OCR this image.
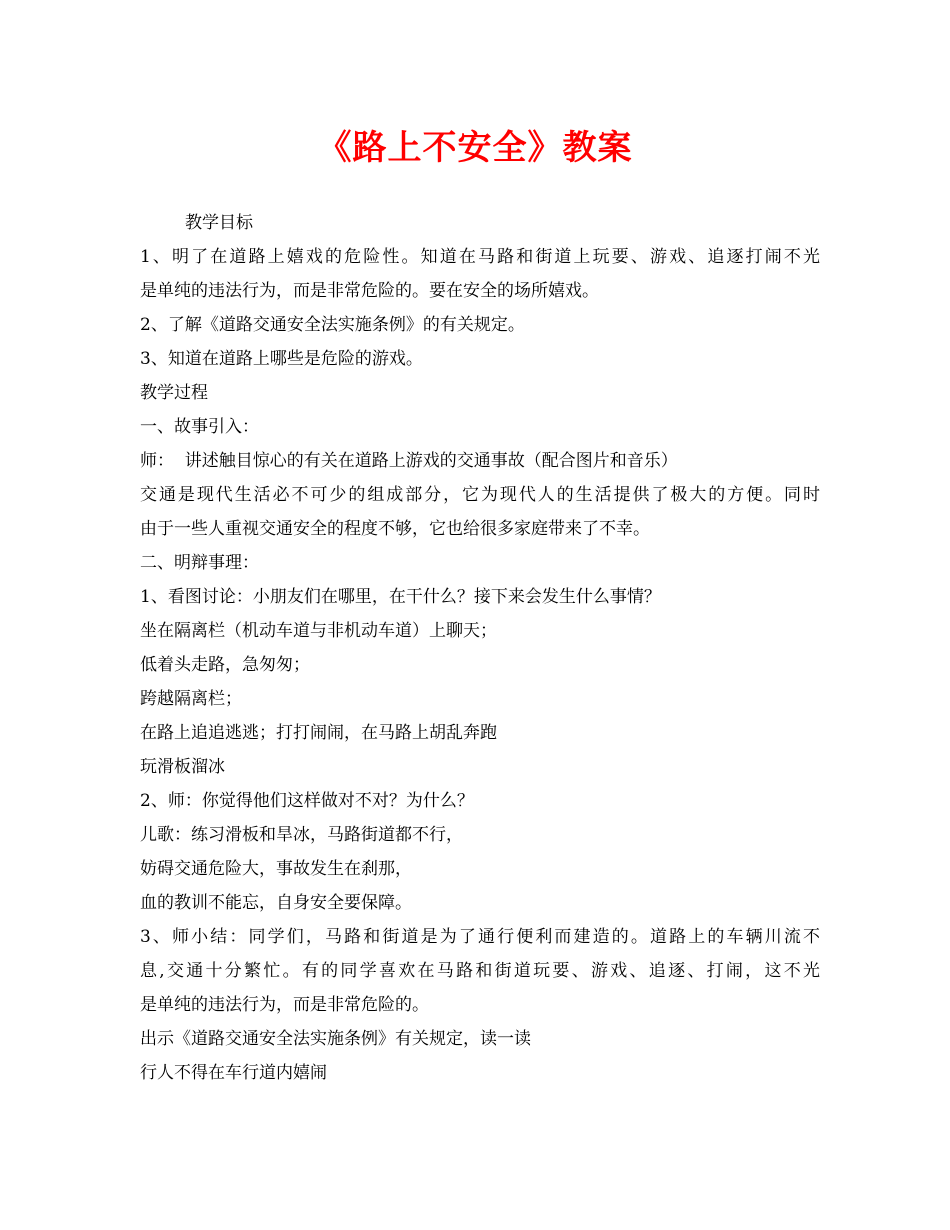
《路上不安全》教案
教学目标
1、明了在道路上嬉戏的危险性。知道在马路和街道上玩要、游戏、追逐打闹不光
是单纯的违法行为，而是非常危险的。要在安全的场所嬉戏。
2、了解《道路交通安全法实施条例》的有关规定。
3、知道在道路上哪些是危险的游戏。
教学过程
一、故事引入：
师：  讲述触目惊心的有关在道路上游戏的交通事故（配合图片和音乐）
交通是现代生活必不可少的组成部分，它为现代人的生活提供了极大的方便。同时
由于一些人重视交通安全的程度不够，它也给很多家庭带来了不幸。
二、明辩事理：
1、看图讨论：小朋友们在哪里，在干什么？接下来会发生什么事情？
坐在隔离栏（机动车道与非机动车道）上聊天；
低着头走路，急匆匆；
跨越隔离栏；
在路上追追逃逃；打打闹闹，在马路上胡乱奔跑
玩滑板溜冰
2、师：你觉得他们这样做对不对？为什么？
儿歌：练习滑板和旱冰，马路街道都不行，
妨碍交通危险大，事故发生在刹那，
血的教训不能忘，自身安全要保障。
3、师小结：同学们，马路和街道是为了通行便利而建造的。道路上的车辆川流不
息,交通十分繁忙。有的同学喜欢在马路和街道玩要、游戏、追逐、打闹，这不光
是单纯的违法行为，而是非常危险的。
出示《道路交通安全法实施条例》有关规定，读一读
行人不得在车行道内嬉闹
